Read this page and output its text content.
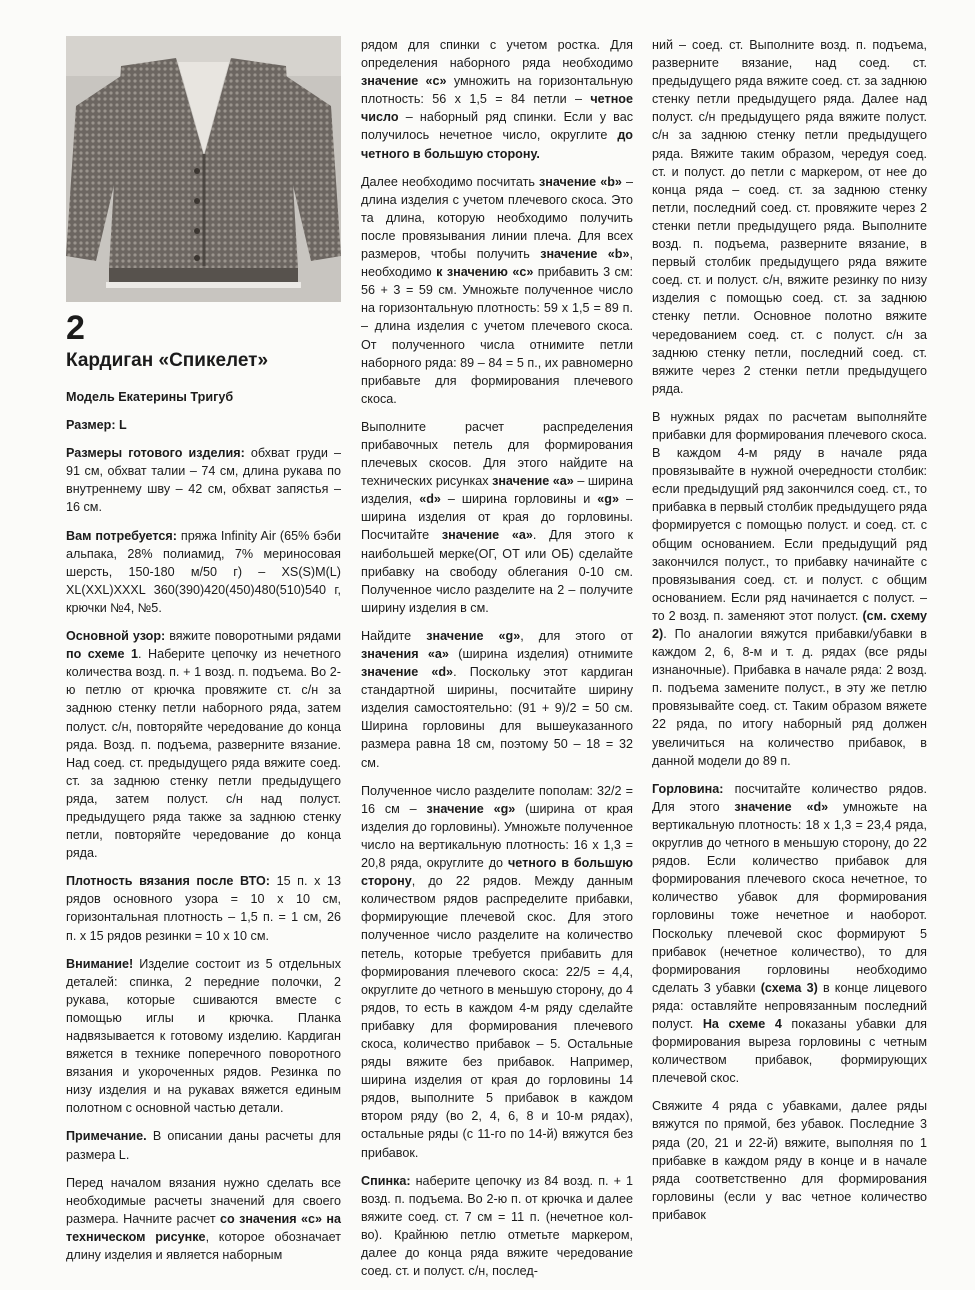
2
Кардиган «Спикелет»

Модель Екатерины Тригуб

Размер: L

Размеры готового изделия: обхват груди – 91 см, обхват талии – 74 см, длина рукава по внутреннему шву – 42 см, обхват запястья – 16 см.

Вам потребуется: пряжа Infinity Air (65% бэби альпака, 28% полиамид, 7% мериносовая шерсть, 150-180 м/50 г) – XS(S)M(L) XL(XXL)XXXL 360(390)420(450)480(510)540 г, крючки №4, №5.

Основной узор: вяжите поворотными рядами по схеме 1. Наберите цепочку из нечетного количества возд. п. + 1 возд. п. подъема. Во 2-ю петлю от крючка провяжите ст. с/н за заднюю стенку петли наборного ряда, затем полуст. с/н, повторяйте чередование до конца ряда. Возд. п. подъема, разверните вязание. Над соед. ст. предыдущего ряда вяжите соед. ст. за заднюю стенку петли предыдущего ряда, затем полуст. с/н над полуст. предыдущего ряда также за заднюю стенку петли, повторяйте чередование до конца ряда.

Плотность вязания после ВТО: 15 п. х 13 рядов основного узора = 10 х 10 см, горизонтальная плотность – 1,5 п. = 1 см, 26 п. х 15 рядов резинки = 10 х 10 см.

Внимание! Изделие состоит из 5 отдельных деталей: спинка, 2 передние полочки, 2 рукава, которые сшиваются вместе с помощью иглы и крючка. Планка надвязывается к готовому изделию. Кардиган вяжется в технике поперечного поворотного вязания и укороченных рядов. Резинка по низу изделия и на рукавах вяжется единым полотном с основной частью детали.

Примечание. В описании даны расчеты для размера L.

Перед началом вязания нужно сделать все необходимые расчеты значений для своего размера. Начните расчет со значения «с» на техническом рисунке, которое обозначает длину изделия и является наборным

рядом для спинки с учетом ростка. Для определения наборного ряда необходимо значение «с» умножить на горизонтальную плотность: 56 х 1,5 = 84 петли – четное число – наборный ряд спинки. Если у вас получилось нечетное число, округлите до четного в большую сторону.

Далее необходимо посчитать значение «b» – длина изделия с учетом плечевого скоса. Это та длина, которую необходимо получить после провязывания линии плеча. Для всех размеров, чтобы получить значение «b», необходимо к значению «с» прибавить 3 см: 56 + 3 = 59 см. Умножьте полученное число на горизонтальную плотность: 59 х 1,5 = 89 п. – длина изделия с учетом плечевого скоса. От полученного числа отнимите петли наборного ряда: 89 – 84 = 5 п., их равномерно прибавьте для формирования плечевого скоса.

Выполните расчет распределения прибавочных петель для формирования плечевых скосов. Для этого найдите на технических рисунках значение «а» – ширина изделия, «d» – ширина горловины и «g» – ширина изделия от края до горловины. Посчитайте значение «а». Для этого к наибольшей мерке(ОГ, ОТ или ОБ) сделайте прибавку на свободу облегания 0-10 см. Полученное число разделите на 2 – получите ширину изделия в см.

Найдите значение «g», для этого от значения «а» (ширина изделия) отнимите значение «d». Поскольку этот кардиган стандартной ширины, посчитайте ширину изделия самостоятельно: (91 + 9)/2 = 50 см. Ширина горловины для вышеуказанного размера равна 18 см, поэтому 50 – 18 = 32 см.

Полученное число разделите пополам: 32/2 = 16 см – значение «g» (ширина от края изделия до горловины). Умножьте полученное число на вертикальную плотность: 16 х 1,3 = 20,8 ряда, округлите до четного в большую сторону, до 22 рядов. Между данным количеством рядов распределите прибавки, формирующие плечевой скос. Для этого полученное число разделите на количество петель, которые требуется прибавить для формирования плечевого скоса: 22/5 = 4,4, округлите до четного в меньшую сторону, до 4 рядов, то есть в каждом 4-м ряду сделайте прибавку для формирования плечевого скоса, количество прибавок – 5. Остальные ряды вяжите без прибавок. Например, ширина изделия от края до горловины 14 рядов, выполните 5 прибавок в каждом втором ряду (во 2, 4, 6, 8 и 10-м рядах), остальные ряды (с 11-го по 14-й) вяжутся без прибавок.

Спинка: наберите цепочку из 84 возд. п. + 1 возд. п. подъема. Во 2-ю п. от крючка и далее вяжите соед. ст. 7 см = 11 п. (нечетное кол-во). Крайнюю петлю отметьте маркером, далее до конца ряда вяжите чередование соед. ст. и полуст. с/н, послед-

ний – соед. ст. Выполните возд. п. подъема, разверните вязание, над соед. ст. предыдущего ряда вяжите соед. ст. за заднюю стенку петли предыдущего ряда. Далее над полуст. с/н предыдущего ряда вяжите полуст. с/н за заднюю стенку петли предыдущего ряда. Вяжите таким образом, чередуя соед. ст. и полуст. до петли с маркером, от нее до конца ряда – соед. ст. за заднюю стенку петли, последний соед. ст. провяжите через 2 стенки петли предыдущего ряда. Выполните возд. п. подъема, разверните вязание, в первый столбик предыдущего ряда вяжите соед. ст. и полуст. с/н, вяжите резинку по низу изделия с помощью соед. ст. за заднюю стенку петли. Основное полотно вяжите чередованием соед. ст. с полуст. с/н за заднюю стенку петли, последний соед. ст. вяжите через 2 стенки петли предыдущего ряда.

В нужных рядах по расчетам выполняйте прибавки для формирования плечевого скоса. В каждом 4-м ряду в начале ряда провязывайте в нужной очередности столбик: если предыдущий ряд закончился соед. ст., то прибавка в первый столбик предыдущего ряда формируется с помощью полуст. и соед. ст. с общим основанием. Если предыдущий ряд закончился полуст., то прибавку начинайте с провязывания соед. ст. и полуст. с общим основанием. Если ряд начинается с полуст. – то 2 возд. п. заменяют этот полуст. (см. схему 2). По аналогии вяжутся прибавки/убавки в каждом 2, 6, 8-м и т. д. рядах (все ряды изнаночные). Прибавка в начале ряда: 2 возд. п. подъема замените полуст., в эту же петлю провязывайте соед. ст. Таким образом вяжете 22 ряда, по итогу наборный ряд должен увеличиться на количество прибавок, в данной модели до 89 п.

Горловина: посчитайте количество рядов. Для этого значение «d» умножьте на вертикальную плотность: 18 х 1,3 = 23,4 ряда, округлив до четного в меньшую сторону, до 22 рядов. Если количество прибавок для формирования плечевого скоса нечетное, то количество убавок для формирования горловины тоже нечетное и наоборот. Поскольку плечевой скос формируют 5 прибавок (нечетное количество), то для формирования горловины необходимо сделать 3 убавки (схема 3) в конце лицевого ряда: оставляйте непровязанным последний полуст. На схеме 4 показаны убавки для формирования выреза горловины с четным количеством прибавок, формирующих плечевой скос.

Свяжите 4 ряда с убавками, далее ряды вяжутся по прямой, без убавок. Последние 3 ряда (20, 21 и 22-й) вяжите, выполняя по 1 прибавке в каждом ряду в конце и в начале ряда соответственно для формирования горловины (если у вас четное количество прибавок
